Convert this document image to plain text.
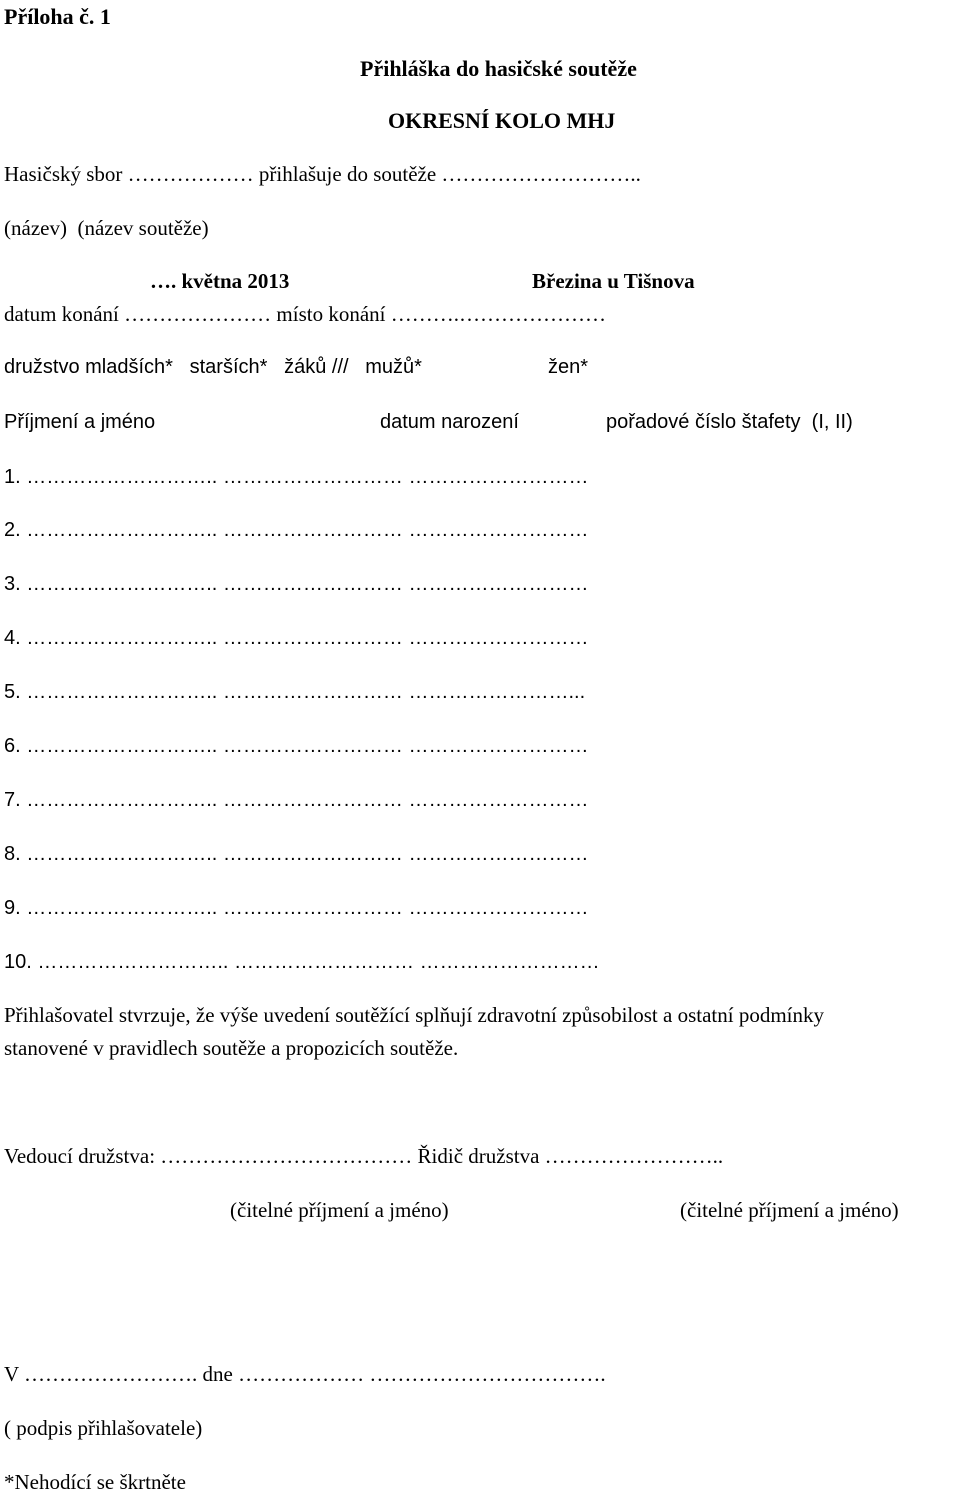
Příloha č. 1
Přihláška do hasičské soutěže
OKRESNÍ KOLO MHJ
Hasičský sbor ……………… přihlašuje do soutěže ………………………..
(název)  (název soutěže)
…. května 2013	Březina u Tišnova
datum konání ………………… místo konání ……….…………………
družstvo mladších*   starších*   žáků ///   mužů*	žen*
Příjmení a jméno	datum narození	pořadové číslo štafety  (I, II)
1. ……………………….. ……………………… ………………………
2. ……………………….. ……………………… ………………………
3. ……………………….. ……………………… ………………………
4. ……………………….. ……………………… ………………………
5. ……………………….. ……………………… ……………………...
6. ……………………….. ……………………… ………………………
7. ……………………….. ……………………… ………………………
8. ……………………….. ……………………… ………………………
9. ……………………….. ……………………… ………………………
10. ……………………….. ……………………… ………………………
Přihlašovatel stvrzuje, že výše uvedení soutěžící splňují zdravotní způsobilost a ostatní podmínky
stanovené v pravidlech soutěže a propozicích soutěže.
Vedoucí družstva: ……………………………… Řidič družstva ……………………..
(čitelné příjmení a jméno)	(čitelné příjmení a jméno)
V ……………………. dne ……………… …………………………….
( podpis přihlašovatele)
*Nehodící se škrtněte
